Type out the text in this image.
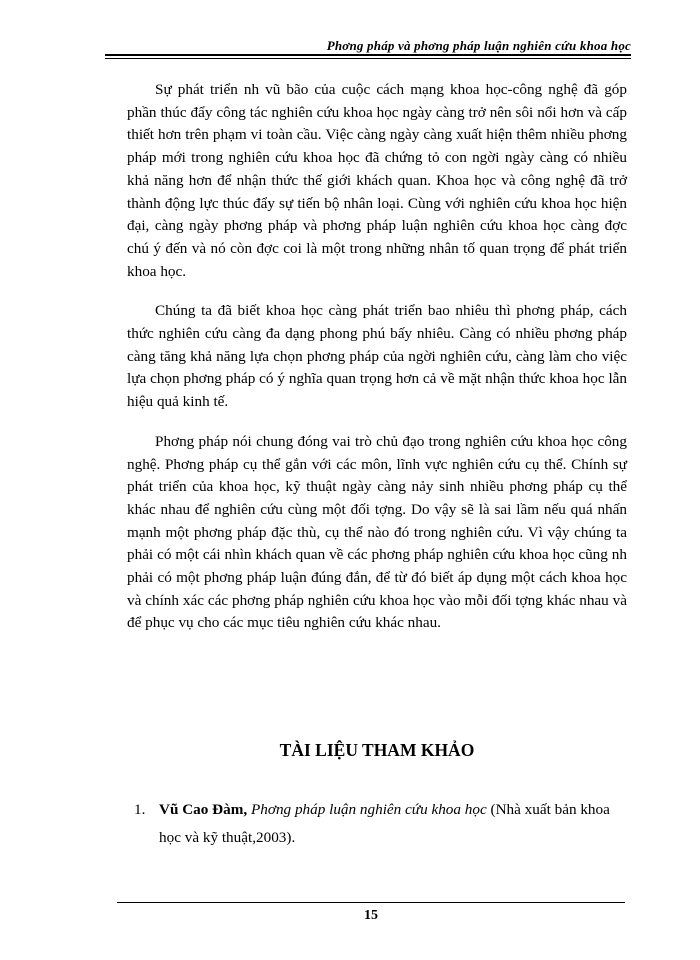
Phơng pháp và phơng pháp luận nghiên cứu khoa học

Sự phát triển nh vũ bão của cuộc cách mạng khoa học-công nghệ đã góp phần thúc đẩy công tác nghiên cứu khoa học ngày càng trở nên sôi nổi hơn và cấp thiết hơn trên phạm vi toàn cầu. Việc càng ngày càng xuất hiện thêm nhiều phơng pháp mới trong nghiên cứu khoa học đã chứng tỏ con ngời ngày càng có nhiều khả năng hơn để nhận thức thế giới khách quan. Khoa học và công nghệ đã trở thành động lực thúc đẩy sự tiến bộ nhân loại. Cùng với nghiên cứu khoa học hiện đại, càng ngày phơng pháp và phơng pháp luận nghiên cứu khoa học càng đợc chú ý đến và nó còn đợc coi là một trong những nhân tố quan trọng để phát triển khoa học.

Chúng ta đã biết khoa học càng phát triển bao nhiêu thì phơng pháp, cách thức nghiên cứu càng đa dạng phong phú bấy nhiêu. Càng có nhiều phơng pháp càng tăng khả năng lựa chọn phơng pháp của ngời nghiên cứu, càng làm cho việc lựa chọn phơng pháp có ý nghĩa quan trọng hơn cả về mặt nhận thức khoa học lẫn hiệu quả kinh tế.

Phơng pháp nói chung đóng vai trò chủ đạo trong nghiên cứu khoa học công nghệ. Phơng pháp cụ thể gắn với các môn, lĩnh vực nghiên cứu cụ thể. Chính sự phát triển của khoa học, kỹ thuật ngày càng nảy sinh nhiều phơng pháp cụ thể khác nhau để nghiên cứu cùng một đối tợng. Do vậy sẽ là sai lầm nếu quá nhấn mạnh một phơng pháp đặc thù, cụ thể nào đó trong nghiên cứu. Vì vậy chúng ta phải có một cái nhìn khách quan về các phơng pháp nghiên cứu khoa học cũng nh phải có một phơng pháp luận đúng đắn, để từ đó biết áp dụng một cách khoa học và chính xác các phơng pháp nghiên cứu khoa học vào mỗi đối tợng khác nhau và để phục vụ cho các mục tiêu nghiên cứu khác nhau.

TÀI LIỆU THAM KHẢO
1. Vũ Cao Đàm, Phơng pháp luận nghiên cứu khoa học (Nhà xuất bản khoa học và kỹ thuật,2003).
15
